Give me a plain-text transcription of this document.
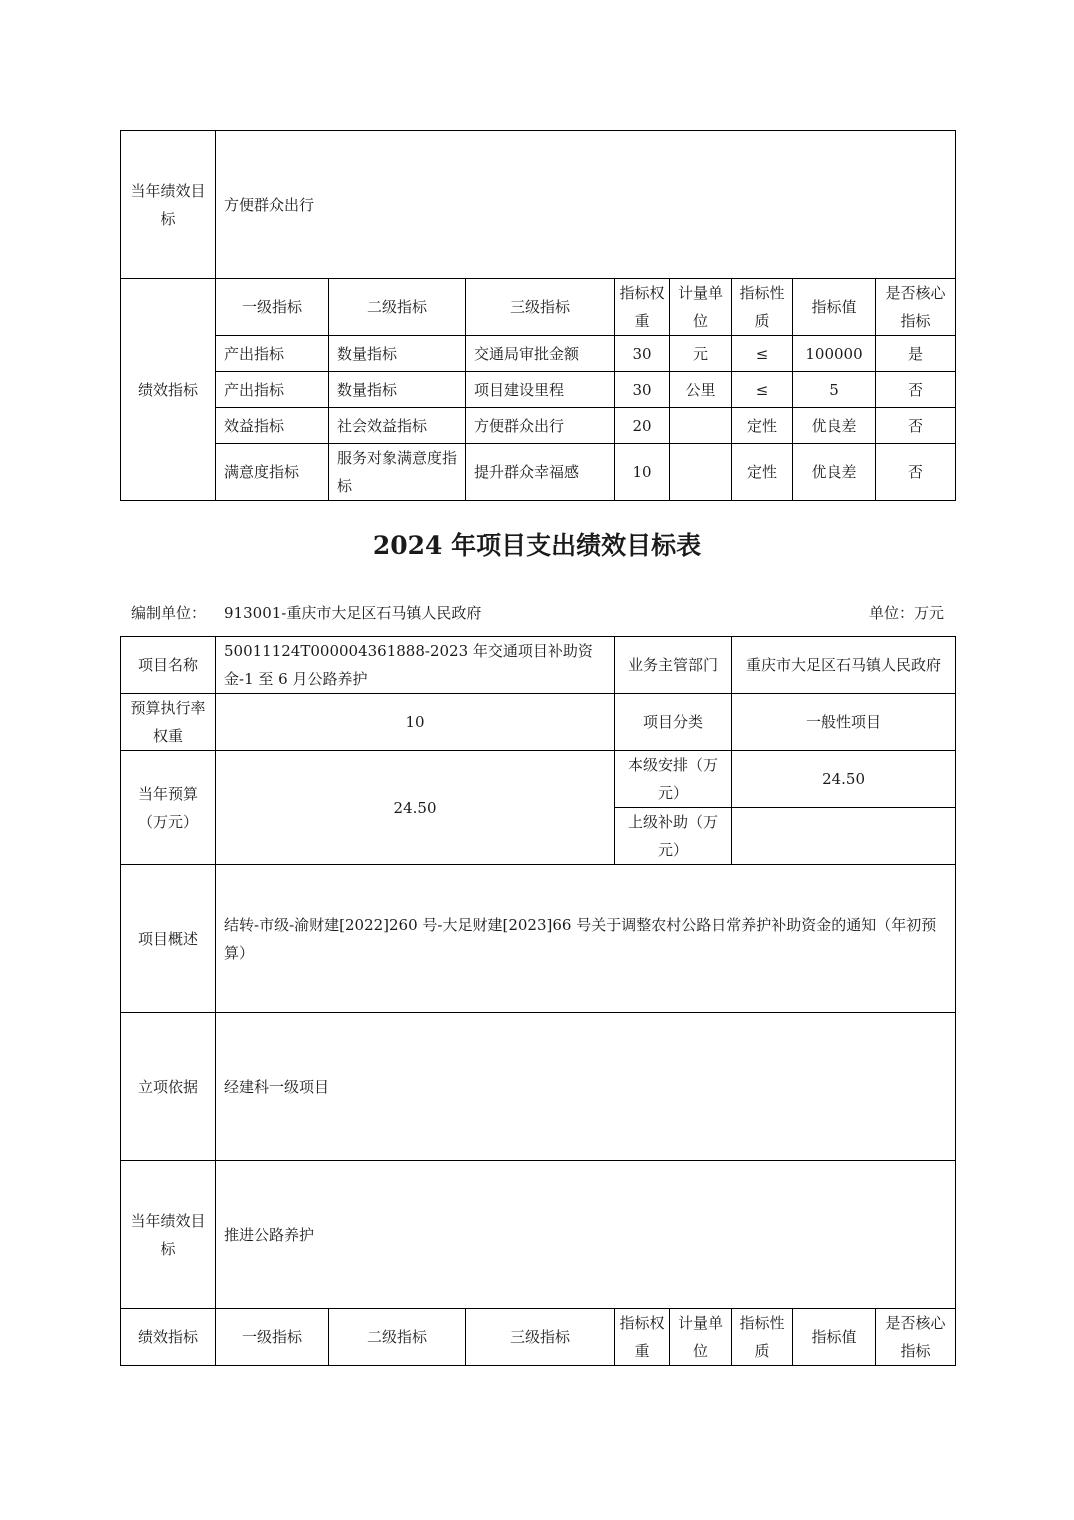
当年绩效目标	方便群众出行							
绩效指标	一级指标	二级指标	三级指标	指标权重	计量单位	指标性质	指标值	是否核心指标
	产出指标	数量指标	交通局审批金额	30	元	≤	100000	是
	产出指标	数量指标	项目建设里程	30	公里	≤	5	否
	效益指标	社会效益指标	方便群众出行	20		定性	优良差	否
	满意度指标	服务对象满意度指标	提升群众幸福感	10		定性	优良差	否
2024 年项目支出绩效目标表
编制单位： 913001-重庆市大足区石马镇人民政府	单位：万元
项目名称	50011124T000004361888-2023 年交通项目补助资金-1 至 6 月公路养护			业务主管部门		重庆市大足区石马镇人民政府		
预算执行率权重	10			项目分类		一般性项目		
当年预算（万元）	24.50			本级安排（万元）		24.50		
				上级补助（万元）				
项目概述	结转-市级-渝财建[2022]260 号-大足财建[2023]66 号关于调整农村公路日常养护补助资金的通知（年初预算）							
立项依据	经建科一级项目							
当年绩效目标	推进公路养护							
绩效指标	一级指标	二级指标	三级指标	指标权重	计量单位	指标性质	指标值	是否核心指标
